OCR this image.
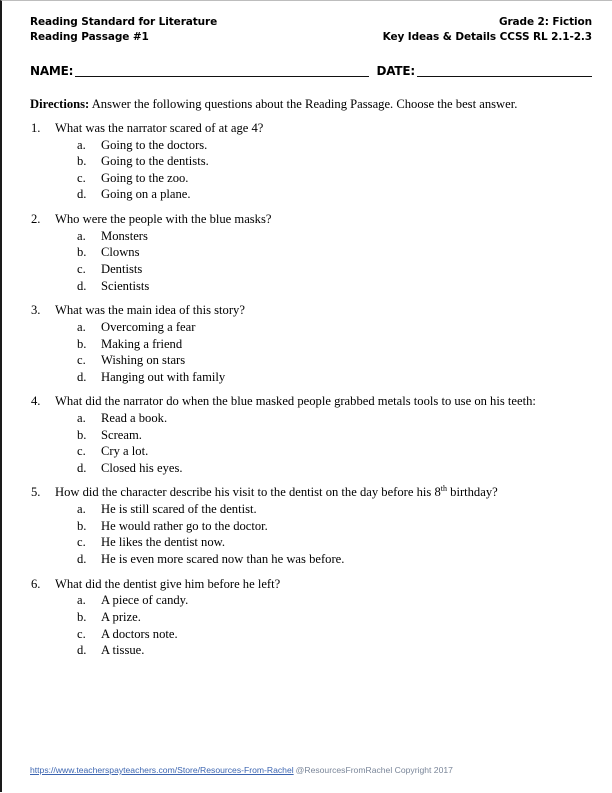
Reading Standard for Literature
Reading Passage #1
Grade 2: Fiction
Key Ideas & Details CCSS RL 2.1-2.3
NAME:	DATE:
Directions: Answer the following questions about the Reading Passage. Choose the best answer.
1.	What was the narrator scared of at age 4?
a.	Going to the doctors.
b.	Going to the dentists.
c.	Going to the zoo.
d.	Going on a plane.
2.	Who were the people with the blue masks?
a.	Monsters
b.	Clowns
c.	Dentists
d.	Scientists
3.	What was the main idea of this story?
a.	Overcoming a fear
b.	Making a friend
c.	Wishing on stars
d.	Hanging out with family
4.	What did the narrator do when the blue masked people grabbed metals tools to use on his teeth:
a.	Read a book.
b.	Scream.
c.	Cry a lot.
d.	Closed his eyes.
5.	How did the character describe his visit to the dentist on the day before his 8th birthday?
a.	He is still scared of the dentist.
b.	He would rather go to the doctor.
c.	He likes the dentist now.
d.	He is even more scared now than he was before.
6.	What did the dentist give him before he left?
a.	A piece of candy.
b.	A prize.
c.	A doctors note.
d.	A tissue.
https://www.teacherspayteachers.com/Store/Resources-From-Rachel @ResourcesFromRachel Copyright 2017
